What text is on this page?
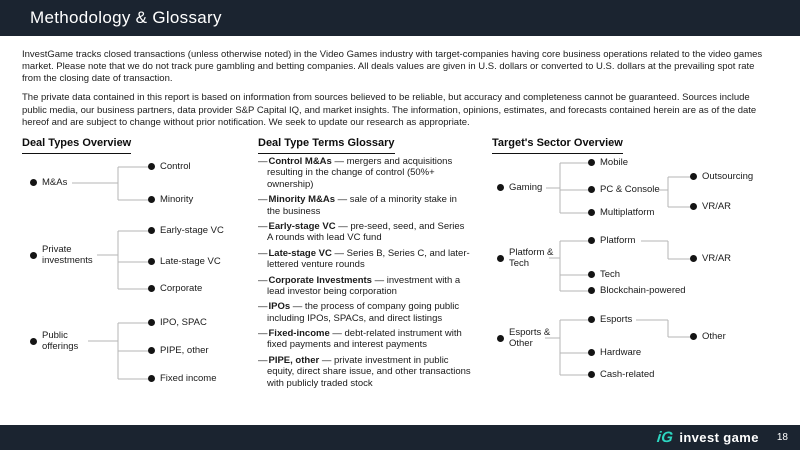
Methodology & Glossary

InvestGame tracks closed transactions (unless otherwise noted) in the Video Games industry with target-companies having core business operations related to the video games market. Please note that we do not track pure gambling and betting companies. All deals values are given in U.S. dollars or converted to U.S. dollars at the prevailing spot rate from the closing date of transaction.

The private data contained in this report is based on information from sources believed to be reliable, but accuracy and completeness cannot be guaranteed. Sources include public media, our business partners, data provider S&P Capital IQ, and market insights. The information, opinions, estimates, and forecasts contained herein are as of the date hereof and are subject to change without prior notification. We seek to update our research as appropriate.

Deal Types Overview	Deal Type Terms Glossary	Target's Sector Overview
M&As
Control
Minority
Private investments
Early-stage VC
Late-stage VC
Corporate
Public offerings
IPO, SPAC
PIPE, other
Fixed income
—Control M&As — mergers and acquisitions resulting in the change of control (50%+ ownership)
—Minority M&As — sale of a minority stake in the business
—Early-stage VC — pre-seed, seed, and Series A rounds with lead VC fund
—Late-stage VC — Series B, Series C, and later-lettered venture rounds
—Corporate Investments — investment with a lead investor being corporation
—IPOs — the process of company going public including IPOs, SPACs, and direct listings
—Fixed-income — debt-related instrument with fixed payments and interest payments
—PIPE, other — private investment in public equity, direct share issue, and other transactions with publicly traded stock
Gaming
Mobile
PC & Console
Multiplatform
Outsourcing
VR/AR
Platform & Tech
Platform
Tech
Blockchain-powered
VR/AR
Esports & Other
Esports
Hardware
Cash-related
Other
iG invest game 18
